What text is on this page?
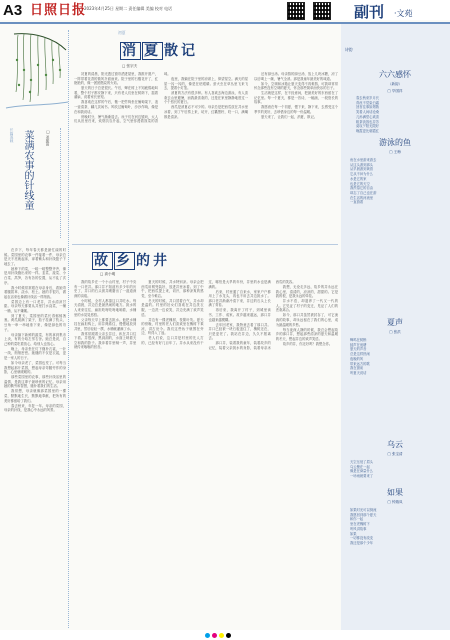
A3 日照日报
2023年4月25日 星期二 责任编辑 美编 校对 电话	副刊 ·文苑
长篇连载 菜满农事的针线童	□ 邓振田

在乡下，每年春天都是最忙碌的时候。菜园里的农事一件接着一件，母亲总是天不亮就起床，拿着锄头和针线篮子下地去了。

她种下的菜，一畦一畦整整齐齐，像是用针线缝出来的一样。韭菜、菠菜、小白菜、莴笋，各有各的位置，从不乱了次序。

我小时候常常跟在母亲身后，看她弯着腰拔草、浇水、松土。她的手很巧，做起农活来也像做针线活一样细致。

菜园边上有一口老井，井水清凉甘甜。母亲每天都要从井里打水浇菜，一桶一桶，从不嫌累。

到了夏天，菜园里的菜长得郁郁葱葱。黄瓜爬满了架子，茄子挂满了枝头，豆角一串一串地垂下来，像是绿色的帘子。

母亲摘下新鲜的蔬菜，有的拿到集市上卖，有的分给左邻右舍。她总是说，自己种的菜吃着放心，给别人也放心。

晚上，母亲坐在灯下缝补衣裳，一针一线，细细密密。她缝的不仅是衣裳，更是一家人的日子。

如今母亲老了，菜园也荒了。可每当我想起那片菜园，想起母亲弯腰劳作的身影，心里就暖暖的。

那些菜园里的农事，那些针线活里的温情，是我这辈子最珍贵的记忆。母亲用她的勤劳和智慧，缝补着我们的生活。

我常想，母亲就像那菜园里的一棵菜，默默地生长，默默地奉献，把所有的美好都留给了我们。

春去秋来，年复一年。母亲的菜园，母亲的针线，是我心中永远的风景。

初夏
消 夏 散记
□ 张宗夫

初夏的清晨，阳光透过窗帘洒进屋里，我推开窗户，一阵带着花香的微风扑面而来。院子里的石榴花开了，红艳艳的，像一团团燃烧的火焰。

夏天的日子总是很长。午后，蝉在树上不知疲倦地叫着，整个村子都安静下来，只有老人们坐在树荫下，摇着蒲扇，说着家长里短。

我喜欢在这样的午后，搬一把竹椅坐在葡萄架下，泡一壶清茶，翻几页闲书。风吹过葡萄叶，沙沙作响，像是在和我说话。

傍晚时分，暑气渐渐退去。孩子们在河边嬉戏，大人们从田里归来，炊烟袅袅升起，空气里弥漫着饭菜的香味。

夜里，我躺在院子里的凉席上，仰望星空。满天的星星一闪一闪的，像是在眨眼睛。萤火虫在草丛里飞来飞去，提着小灯笼。

消夏的方法有很多种。有人喜欢去海边游泳，有人喜欢去山里避暑，而我最喜欢的，还是在家里静静地度过一个个悠长的夏日。

西瓜是消夏必不可少的。母亲总是把西瓜放在井水里冰着，到了午后捞上来，切开，红瓤黑籽，咬一口，满嘴都是清凉。

还有绿豆汤。母亲熬的绿豆汤，放上几块冰糖，凉了以后喝上一碗，暑气全消。那是我童年最美好的味道。

如今，空调和冰箱让夏天变得不再难熬，可我却常常怀念那些没有空调的夏天，怀念那些简单而快乐的日子。

生活就是这样，在不经意间，把最美好的东西留在了记忆里。每一个夏天，都是一首诗，一幅画，一段悠长的故事。

我愿意在每一个初夏，慢下来，静下来，去感受这个季节的美好，去珍惜身边的每一份温暖。

夏天来了，让我们一起，消夏，散记。

故 乡 的井
□ 高小明

我的故乡在一个小山村里，村子中央有一口老井。那口井不知道有多少年的历史了，井口的石头被井绳磨出了一道道深深的沟痕。

小时候，全村人都靠这口井吃水。每天清晨，井边总是最热闹的地方。挑水的人来来往往，扁担吱呀吱呀地响着，水桶里的水晃晃悠悠。

父亲每天早上都要去挑水。他把水桶挂在扁担钩上，用井绳系住，慢慢地放到井里，然后轻轻一摆，水桶就灌满了水。

我常常跟着父亲去井边，趴在井口往下看。井很深，黑洞洞的，水面上映着天空和我的影子。我冲着井里喊一声，井里就传来嗡嗡的回音。

夏天的时候，井水特别凉。母亲会把西瓜用网兜装好，放进井里冰着。到了中午，把西瓜提上来，切开，那种凉爽的感觉，至今难忘。

冬天的时候，井口冒着白气，井水却是温的。村里的妇女们喜欢在井边洗衣服，一边洗一边说笑，井边充满了欢声笑语。

井边有一棵老槐树，枝繁叶茂。夏天的傍晚，村里的老人们喜欢坐在槐树下乘凉，讲古论今。我们这些孩子就围在旁边，听得入了迷。

老人们说，这口井是村里的先人打的，已经有好几百年了。井水从来没有干过，哪怕是大旱的年份，井里的水也是满满的。

后来，村里通了自来水，家家户户都用上了水龙头，再也不用去井边挑水了。那口老井渐渐冷清下来，井边的石头上长满了青苔。

再后来，我离开了村子，到城里读书、工作、成家。故乡越来越远，那口井也越来越模糊。

去年回老家，我特意去看了那口井。井口已经被一块石板盖住了，槐树还在，只是更老了。我站在井边，久久不愿离去。

那口井，装着我的童年，装着故乡的记忆，装着父亲挑水的身影，装着母亲冰西瓜的笑容。

我想，无论走多远，故乡的井永远在我心里，清清的，凉凉的，甜甜的。它是我的根，是我永远的牵挂。

井水不语，却滋养了一代又一代的人。它见证了村子的变迁，见证了人们的悲欢离合。

如今，那口井虽然被封存了，可它流淌的故事，却永远留在了我们的心里，成为最温暖的乡愁。

每当夜深人静的时候，我总会想起故乡的那口井，想起那些清凉的夏天和温暖的冬天，想起井边的欢声笑语。

故乡的井，你还好吗？我想念你。

诗韵
六六感怀
（新韵）
□ 毕国祥
春去秋来岁月长
青丝不觉染白霜
回首往事如烟散
笑看人间话沧桑
儿孙满堂心欢喜
粗茶淡饭也芬芳
莫叹夕阳无限好
晚霞更比朝霞红
游泳的鱼
□ 王梅
鱼在水里游来游去
从这头游到那头
从早晨游到黄昏
它从不问为什么
水是它的家
也是它的天空
我羡慕它的自由
却忘了自己也在游
在生活的河流里
一直游着
夏声
□ 张洪
蝉鸣在树梢
蛙声在池塘
夏天的声音
总是这样热闹
夜晚的风
带来远方的歌
我在窗前
听夏天说话
乌云
□ 张宝清
天空压低了眉头
乌云聚在一起
像是在商量什么
一场雨就要来了
如果
□ 钟瑞凤
如果时光可以倒流
我愿回到那个夏天
和你一起
坐在老槐树下
听风讲故事
如果
一切都没有改变
我还是那个少年
